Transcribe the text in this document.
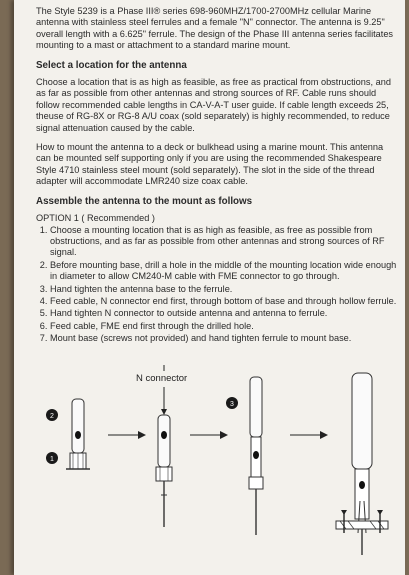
The Style 5239 is a Phase III® series 698-960MHZ/1700-2700MHz cellular Marine antenna with stainless steel ferrules and a female "N" connector. The antenna is 9.25" overall length with a 6.625" ferrule. The design of the Phase III antenna series facilitates mounting to a mast or attachment to a standard marine mount.

Select a location for the antenna

Choose a location that is as high as feasible, as free as practical from obstructions, and as far as possible from other antennas and strong sources of RF. Cable runs should follow recommended cable lengths in CA-V-A-T user guide. If cable length exceeds 25, theuse of RG-8X or RG-8 A/U coax (sold separately) is highly recommended, to reduce signal attenuation caused by the cable.

How to mount the antenna to a deck or bulkhead using a marine mount. This antenna can be mounted self supporting only if you are using the recommended Shakespeare Style 4710 stainless steel mount (sold separately). The slot in the side of the thread adapter will accommodate LMR240 size coax cable.

Assemble the antenna to the mount as follows

OPTION 1 ( Recommended )

1. Choose a mounting location that is as high as feasible, as free as possible from obstructions, and as far as possible from other antennas and strong sources of RF signal.
2. Before mounting base, drill a hole in the middle of the mounting location wide enough in diameter to allow CM240-M cable with FME connector to go through.
3. Hand tighten the antenna base to the ferrule.
4. Feed cable, N connector end first, through bottom of base and through hollow ferrule.
5. Hand tighten N connector to outside antenna and antenna to ferrule.
6. Feed cable, FME end first through the drilled hole.
7. Mount base (screws not provided) and hand tighten ferrule to mount base.
N connector
2
1
3
